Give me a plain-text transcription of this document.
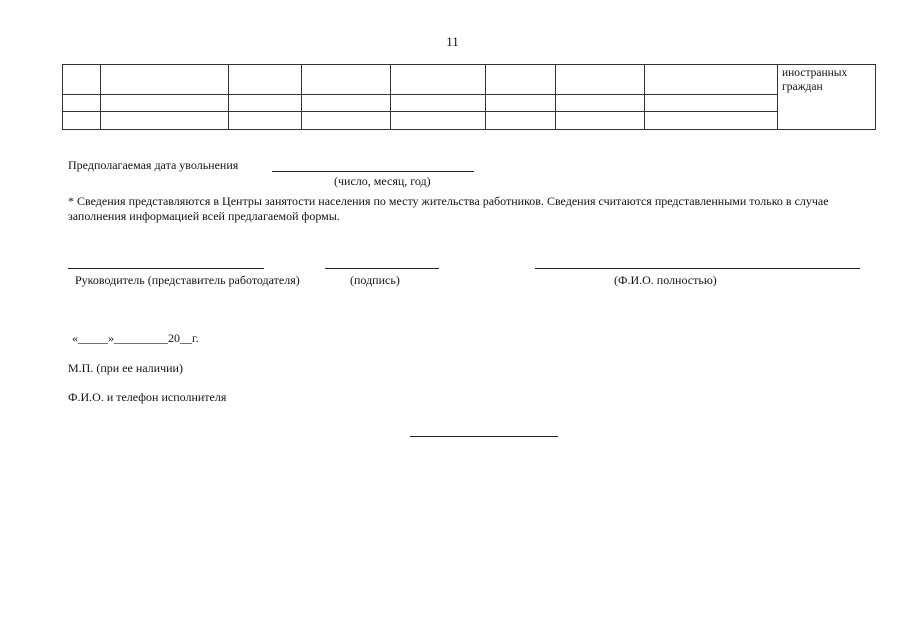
11

								иностранных
граждан

Предполагаемая дата увольнения
(число, месяц, год)
* Сведения представляются в Центры занятости населения по месту жительства работников. Сведения считаются представленными только в случае заполнения информацией всей предлагаемой формы.
Руководитель (представитель работодателя)	(подпись)	(Ф.И.О. полностью)
«_____»_________20__г.
М.П. (при ее наличии)
Ф.И.О. и телефон исполнителя
